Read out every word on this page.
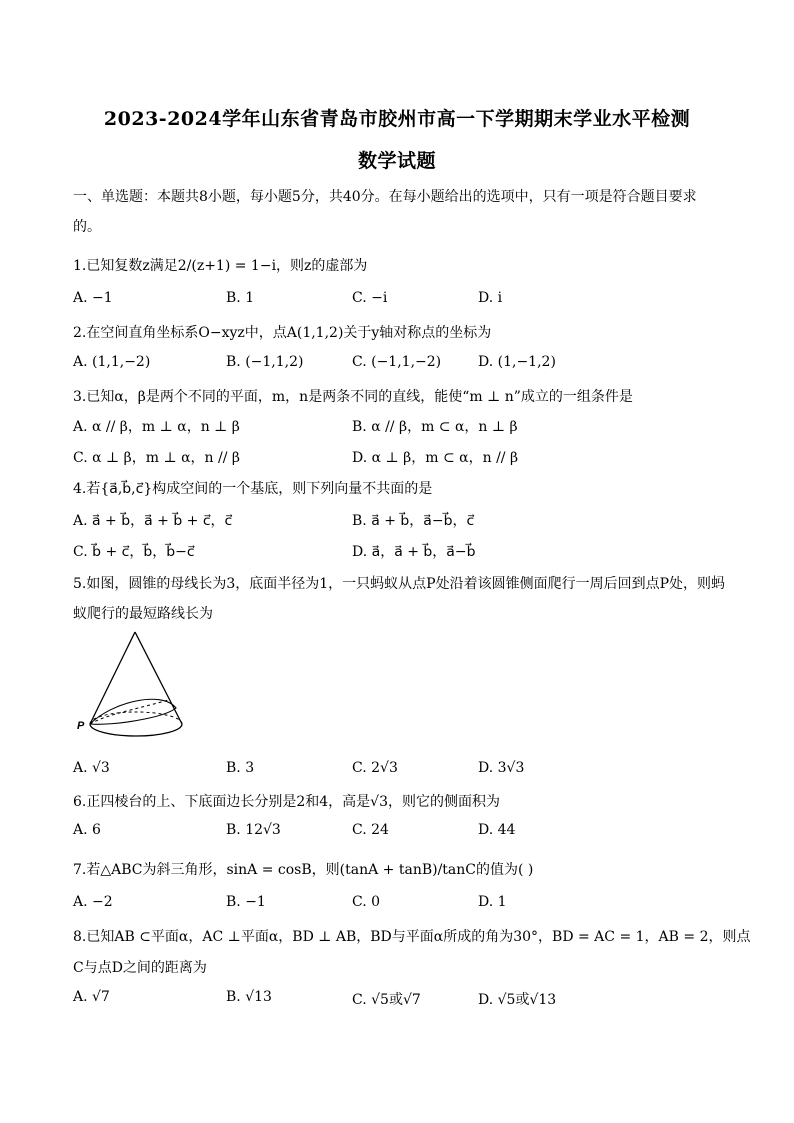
2023-2024学年山东省青岛市胶州市高一下学期期末学业水平检测
数学试题
一、单选题：本题共8小题，每小题5分，共40分。在每小题给出的选项中，只有一项是符合题目要求
的。
1.已知复数z满足2/(z+1) = 1−i，则z的虚部为
A. −1	B. 1	C. −i	D. i
2.在空间直角坐标系O−xyz中，点A(1,1,2)关于y轴对称点的坐标为
A. (1,1,−2)	B. (−1,1,2)	C. (−1,1,−2)	D. (1,−1,2)
3.已知α，β是两个不同的平面，m，n是两条不同的直线，能使“m ⊥ n”成立的一组条件是
A. α // β，m ⊥ α，n ⊥ β	B. α // β，m ⊂ α，n ⊥ β
C. α ⊥ β，m ⊥ α，n // β	D. α ⊥ β，m ⊂ α，n // β
4.若{a⃗,b⃗,c⃗}构成空间的一个基底，则下列向量不共面的是
A. a⃗ + b⃗，a⃗ + b⃗ + c⃗，c⃗	B. a⃗ + b⃗，a⃗−b⃗，c⃗
C. b⃗ + c⃗，b⃗，b⃗−c⃗	D. a⃗，a⃗ + b⃗，a⃗−b⃗
5.如图，圆锥的母线长为3，底面半径为1，一只蚂蚁从点P处沿着该圆锥侧面爬行一周后回到点P处，则蚂
蚁爬行的最短路线长为
P
A. √3	B. 3	C. 2√3	D. 3√3
6.正四棱台的上、下底面边长分别是2和4，高是√3，则它的侧面积为
A. 6	B. 12√3	C. 24	D. 44
7.若△ABC为斜三角形，sinA = cosB，则(tanA + tanB)/tanC的值为( )
A. −2	B. −1	C. 0	D. 1
8.已知AB ⊂平面α，AC ⊥平面α，BD ⊥ AB，BD与平面α所成的角为30°，BD = AC = 1，AB = 2，则点
C与点D之间的距离为
A. √7	B. √13	C. √5或√7	D. √5或√13
